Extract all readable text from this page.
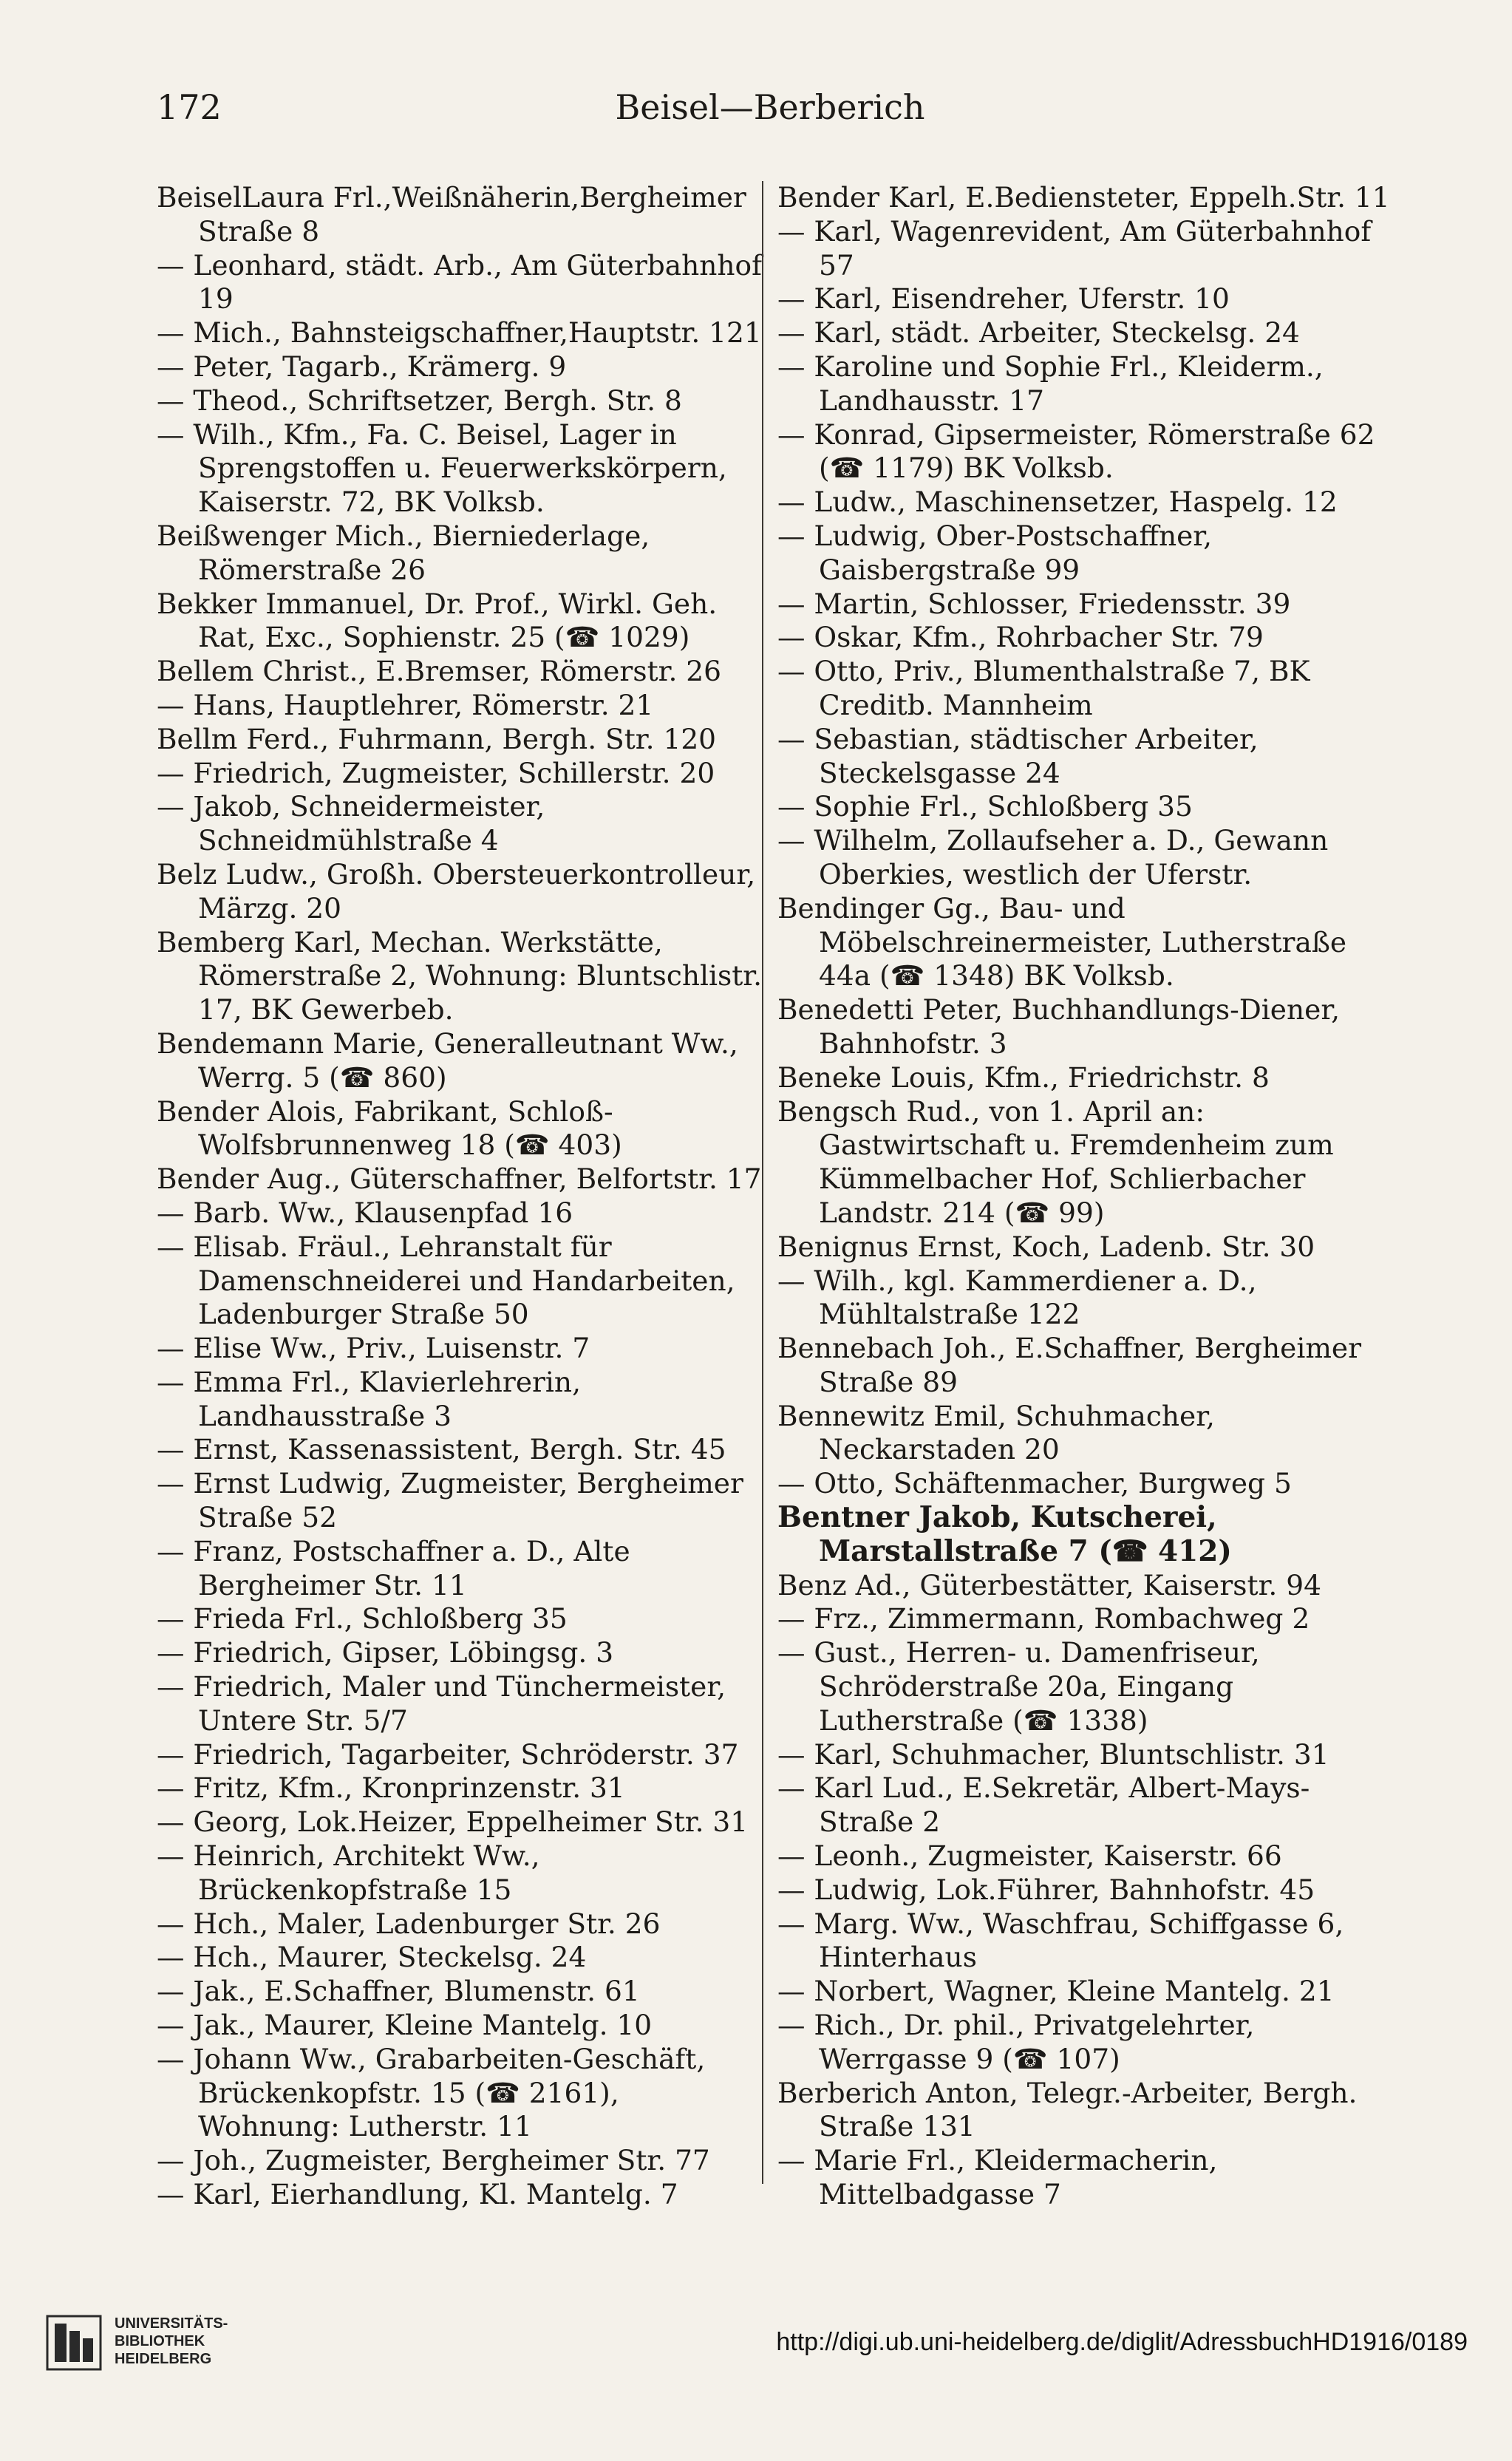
172	Beisel—Berberich

BeiselLaura Frl.,Weißnäherin,Bergheimer Straße 8

— Leonhard, städt. Arb., Am Güterbahnhof 19

— Mich., Bahnsteigschaffner,Hauptstr. 121

— Peter, Tagarb., Krämerg. 9

— Theod., Schriftsetzer, Bergh. Str. 8

— Wilh., Kfm., Fa. C. Beisel, Lager in Sprengstoffen u. Feuerwerkskörpern, Kaiserstr. 72, BK Volksb.

Beißwenger Mich., Bierniederlage, Römerstraße 26

Bekker Immanuel, Dr. Prof., Wirkl. Geh. Rat, Exc., Sophienstr. 25 (☎ 1029)

Bellem Christ., E.Bremser, Römerstr. 26

— Hans, Hauptlehrer, Römerstr. 21

Bellm Ferd., Fuhrmann, Bergh. Str. 120

— Friedrich, Zugmeister, Schillerstr. 20

— Jakob, Schneidermeister, Schneidmühlstraße 4

Belz Ludw., Großh. Obersteuerkontrolleur, Märzg. 20

Bemberg Karl, Mechan. Werkstätte, Römerstraße 2, Wohnung: Bluntschlistr. 17, BK Gewerbeb.

Bendemann Marie, Generalleutnant Ww., Werrg. 5 (☎ 860)

Bender Alois, Fabrikant, Schloß-Wolfsbrunnenweg 18 (☎ 403)

Bender Aug., Güterschaffner, Belfortstr. 17

— Barb. Ww., Klausenpfad 16

— Elisab. Fräul., Lehranstalt für Damenschneiderei und Handarbeiten, Ladenburger Straße 50

— Elise Ww., Priv., Luisenstr. 7

— Emma Frl., Klavierlehrerin, Landhausstraße 3

— Ernst, Kassenassistent, Bergh. Str. 45

— Ernst Ludwig, Zugmeister, Bergheimer Straße 52

— Franz, Postschaffner a. D., Alte Bergheimer Str. 11

— Frieda Frl., Schloßberg 35

— Friedrich, Gipser, Löbingsg. 3

— Friedrich, Maler und Tünchermeister, Untere Str. 5/7

— Friedrich, Tagarbeiter, Schröderstr. 37

— Fritz, Kfm., Kronprinzenstr. 31

— Georg, Lok.Heizer, Eppelheimer Str. 31

— Heinrich, Architekt Ww., Brückenkopfstraße 15

— Hch., Maler, Ladenburger Str. 26

— Hch., Maurer, Steckelsg. 24

— Jak., E.Schaffner, Blumenstr. 61

— Jak., Maurer, Kleine Mantelg. 10

— Johann Ww., Grabarbeiten-Geschäft, Brückenkopfstr. 15 (☎ 2161), Wohnung: Lutherstr. 11

— Joh., Zugmeister, Bergheimer Str. 77

— Karl, Eierhandlung, Kl. Mantelg. 7

Bender Karl, E.Bediensteter, Eppelh.Str. 11

— Karl, Wagenrevident, Am Güterbahnhof 57

— Karl, Eisendreher, Uferstr. 10

— Karl, städt. Arbeiter, Steckelsg. 24

— Karoline und Sophie Frl., Kleiderm., Landhausstr. 17

— Konrad, Gipsermeister, Römerstraße 62 (☎ 1179) BK Volksb.

— Ludw., Maschinensetzer, Haspelg. 12

— Ludwig, Ober-Postschaffner, Gaisbergstraße 99

— Martin, Schlosser, Friedensstr. 39

— Oskar, Kfm., Rohrbacher Str. 79

— Otto, Priv., Blumenthalstraße 7, BK Creditb. Mannheim

— Sebastian, städtischer Arbeiter, Steckelsgasse 24

— Sophie Frl., Schloßberg 35

— Wilhelm, Zollaufseher a. D., Gewann Oberkies, westlich der Uferstr.

Bendinger Gg., Bau- und Möbelschreinermeister, Lutherstraße 44a (☎ 1348) BK Volksb.

Benedetti Peter, Buchhandlungs-Diener, Bahnhofstr. 3

Beneke Louis, Kfm., Friedrichstr. 8

Bengsch Rud., von 1. April an: Gastwirtschaft u. Fremdenheim zum Kümmelbacher Hof, Schlierbacher Landstr. 214 (☎ 99)

Benignus Ernst, Koch, Ladenb. Str. 30

— Wilh., kgl. Kammerdiener a. D., Mühltalstraße 122

Bennebach Joh., E.Schaffner, Bergheimer Straße 89

Bennewitz Emil, Schuhmacher, Neckarstaden 20

— Otto, Schäftenmacher, Burgweg 5

Bentner Jakob, Kutscherei, Marstallstraße 7 (☎ 412)

Benz Ad., Güterbestätter, Kaiserstr. 94

— Frz., Zimmermann, Rombachweg 2

— Gust., Herren- u. Damenfriseur, Schröderstraße 20a, Eingang Lutherstraße (☎ 1338)

— Karl, Schuhmacher, Bluntschlistr. 31

— Karl Lud., E.Sekretär, Albert-Mays-Straße 2

— Leonh., Zugmeister, Kaiserstr. 66

— Ludwig, Lok.Führer, Bahnhofstr. 45

— Marg. Ww., Waschfrau, Schiffgasse 6, Hinterhaus

— Norbert, Wagner, Kleine Mantelg. 21

— Rich., Dr. phil., Privatgelehrter, Werrgasse 9 (☎ 107)

Berberich Anton, Telegr.-Arbeiter, Bergh. Straße 131

— Marie Frl., Kleidermacherin, Mittelbadgasse 7

UNIVERSITÄTS-
BIBLIOTHEK
HEIDELBERG
http://digi.ub.uni-heidelberg.de/diglit/AdressbuchHD1916/0189
